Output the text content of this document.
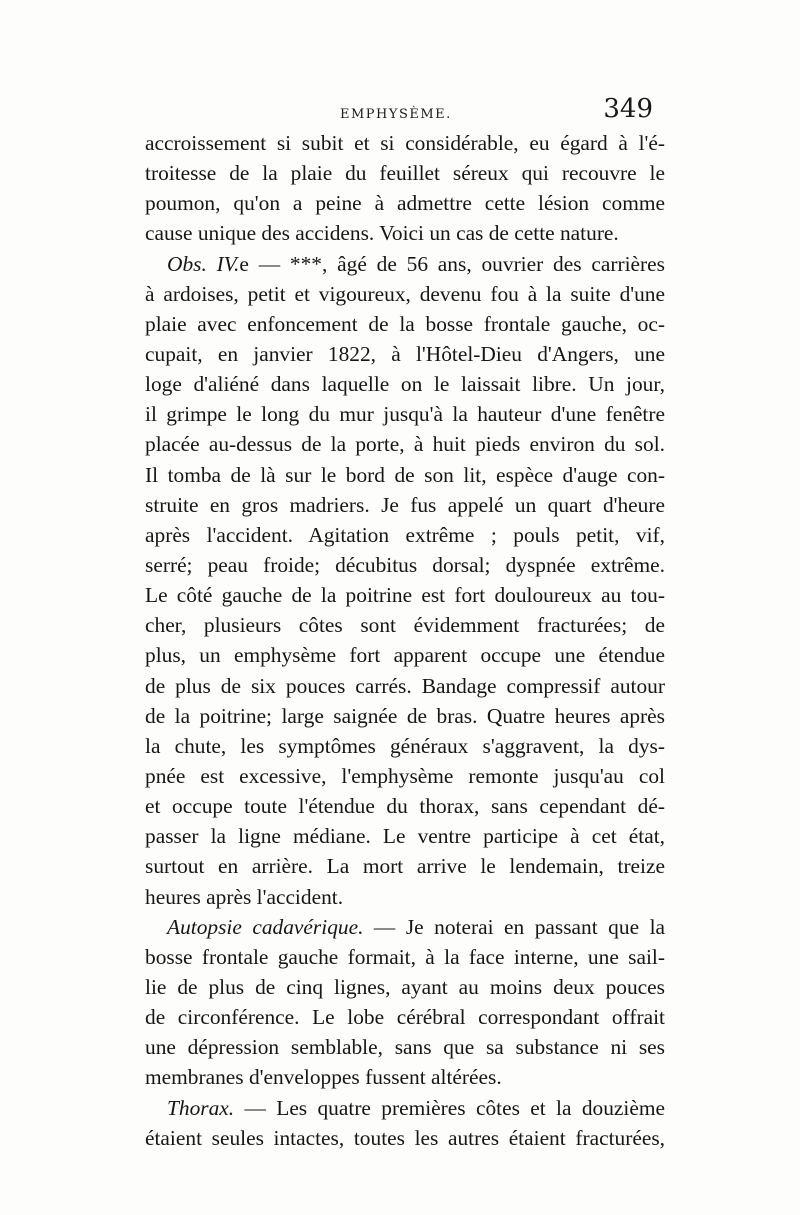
EMPHYSÈME.	349
accroissement si subit et si considérable, eu égard à l'é-
troitesse de la plaie du feuillet séreux qui recouvre le
poumon, qu'on a peine à admettre cette lésion comme
cause unique des accidens. Voici un cas de cette nature.
Obs. IV.e — ***, âgé de 56 ans, ouvrier des carrières
à ardoises, petit et vigoureux, devenu fou à la suite d'une
plaie avec enfoncement de la bosse frontale gauche, oc-
cupait, en janvier 1822, à l'Hôtel-Dieu d'Angers, une
loge d'aliéné dans laquelle on le laissait libre. Un jour,
il grimpe le long du mur jusqu'à la hauteur d'une fenêtre
placée au-dessus de la porte, à huit pieds environ du sol.
Il tomba de là sur le bord de son lit, espèce d'auge con-
struite en gros madriers. Je fus appelé un quart d'heure
après l'accident. Agitation extrême ; pouls petit, vif,
serré; peau froide; décubitus dorsal; dyspnée extrême.
Le côté gauche de la poitrine est fort douloureux au tou-
cher, plusieurs côtes sont évidemment fracturées; de
plus, un emphysème fort apparent occupe une étendue
de plus de six pouces carrés. Bandage compressif autour
de la poitrine; large saignée de bras. Quatre heures après
la chute, les symptômes généraux s'aggravent, la dys-
pnée est excessive, l'emphysème remonte jusqu'au col
et occupe toute l'étendue du thorax, sans cependant dé-
passer la ligne médiane. Le ventre participe à cet état,
surtout en arrière. La mort arrive le lendemain, treize
heures après l'accident.
Autopsie cadavérique. — Je noterai en passant que la
bosse frontale gauche formait, à la face interne, une sail-
lie de plus de cinq lignes, ayant au moins deux pouces
de circonférence. Le lobe cérébral correspondant offrait
une dépression semblable, sans que sa substance ni ses
membranes d'enveloppes fussent altérées.
Thorax. — Les quatre premières côtes et la douzième
étaient seules intactes, toutes les autres étaient fracturées,
